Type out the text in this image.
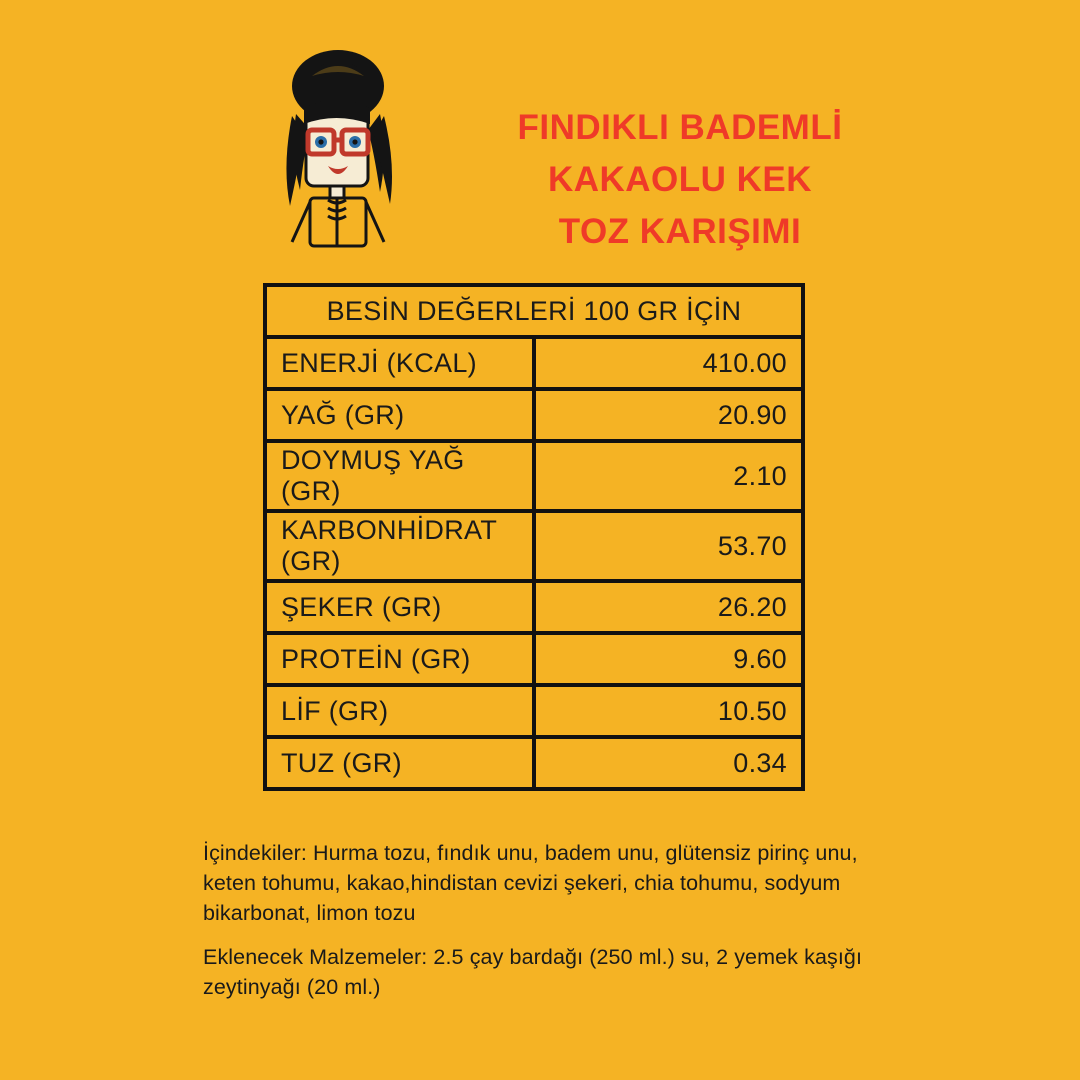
FINDIKLI BADEMLİ
KAKAOLU KEK
TOZ KARIŞIMI
BESİN DEĞERLERİ 100 GR İÇİN	
ENERJİ (KCAL)	410.00
YAĞ (GR)	20.90
DOYMUŞ YAĞ (GR)	2.10
KARBONHİDRAT (GR)	53.70
ŞEKER (GR)	26.20
PROTEİN (GR)	9.60
LİF (GR)	10.50
TUZ (GR)	0.34

İçindekiler: Hurma tozu, fındık unu, badem unu, glütensiz pirinç unu, keten tohumu, kakao,hindistan cevizi şekeri, chia tohumu, sodyum bikarbonat, limon tozu

Eklenecek Malzemeler: 2.5 çay bardağı (250 ml.) su, 2 yemek kaşığı zeytinyağı (20 ml.)
